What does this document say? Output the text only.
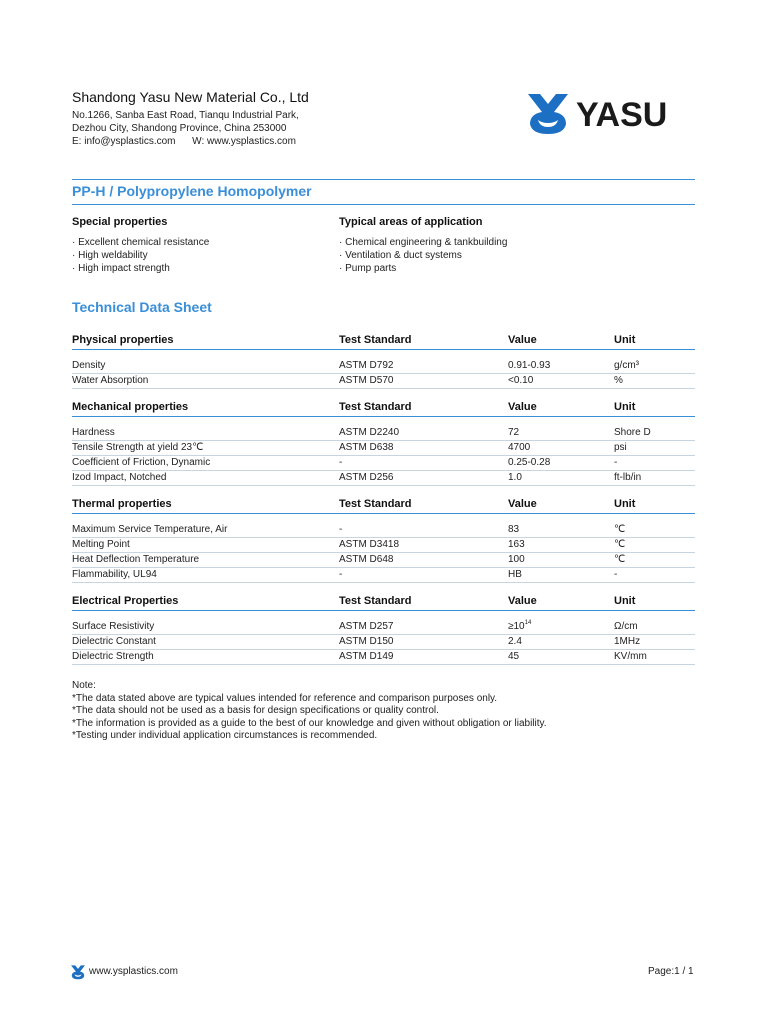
Shandong Yasu New Material Co., Ltd
No.1266, Sanba East Road, Tianqu Industrial Park,
Dezhou City, Shandong Province, China 253000
E: info@ysplastics.com      W: www.ysplastics.com
YASU
PP-H / Polypropylene Homopolymer
Special properties	Typical areas of application
· Excellent chemical resistance
· High weldability
· High impact strength
· Chemical engineering & tankbuilding
· Ventilation & duct systems
· Pump parts
Technical Data Sheet
Physical properties	Test Standard	Value	Unit
Density	ASTM D792	0.91-0.93	g/cm³
Water Absorption	ASTM D570	<0.10	%
Mechanical properties	Test Standard	Value	Unit
Hardness	ASTM D2240	72	Shore D
Tensile Strength at yield 23℃	ASTM D638	4700	psi
Coefficient of Friction, Dynamic	-	0.25-0.28	-
Izod Impact, Notched	ASTM D256	1.0	ft-lb/in
Thermal properties	Test Standard	Value	Unit
Maximum Service Temperature, Air	-	83	℃
Melting Point	ASTM D3418	163	℃
Heat Deflection Temperature	ASTM D648	100	℃
Flammability, UL94	-	HB	-
Electrical Properties	Test Standard	Value	Unit
Surface Resistivity	ASTM D257	$\ge 10^{14}$	Ω/cm
Dielectric Constant	ASTM D150	2.4	1MHz
Dielectric Strength	ASTM D149	45	KV/mm
Note:
*The data stated above are typical values intended for reference and comparison purposes only.
*The data should not be used as a basis for design specifications or quality control.
*The information is provided as a guide to the best of our knowledge and given without obligation or liability.
*Testing under individual application circumstances is recommended.
www.ysplastics.com	Page:1 / 1
